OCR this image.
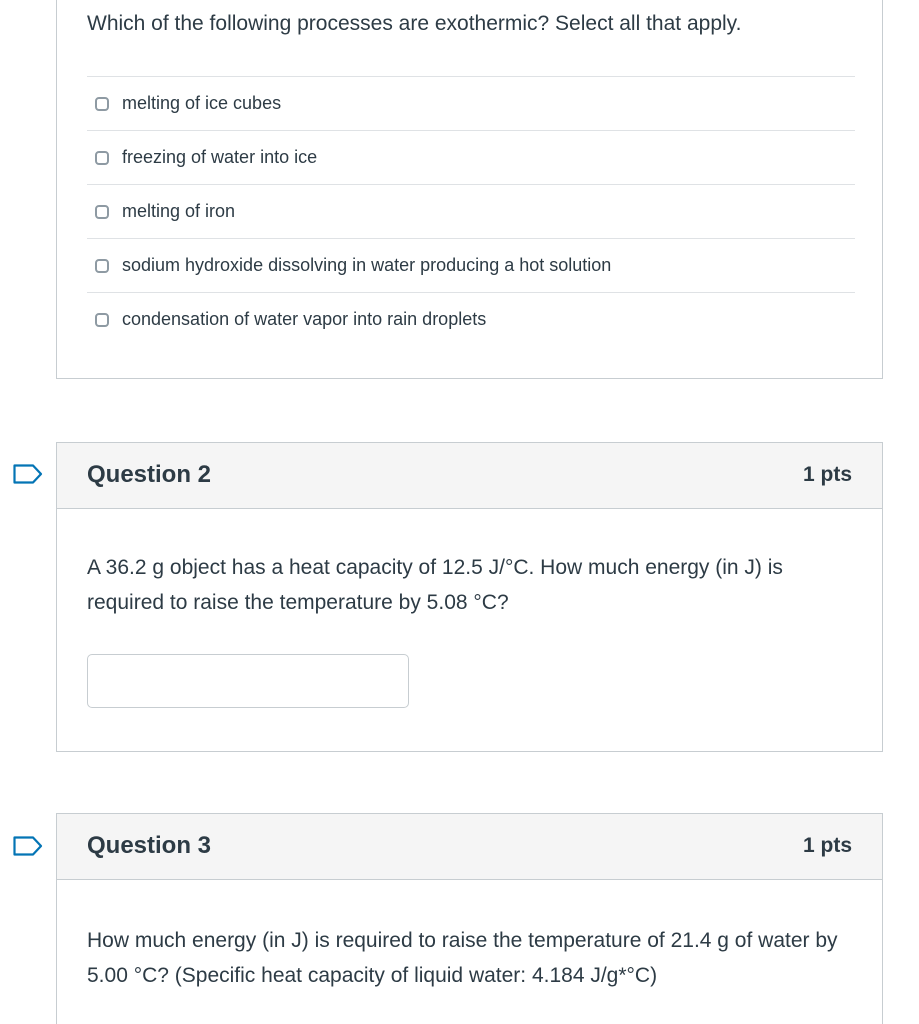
Which of the following processes are exothermic? Select all that apply.
melting of ice cubes
freezing of water into ice
melting of iron
sodium hydroxide dissolving in water producing a hot solution
condensation of water vapor into rain droplets
Question 2	1 pts
A 36.2 g object has a heat capacity of 12.5 J/°C. How much energy (in J) is required to raise the temperature by 5.08 °C?
Question 3	1 pts
How much energy (in J) is required to raise the temperature of 21.4 g of water by 5.00 °C? (Specific heat capacity of liquid water: 4.184 J/g*°C)
